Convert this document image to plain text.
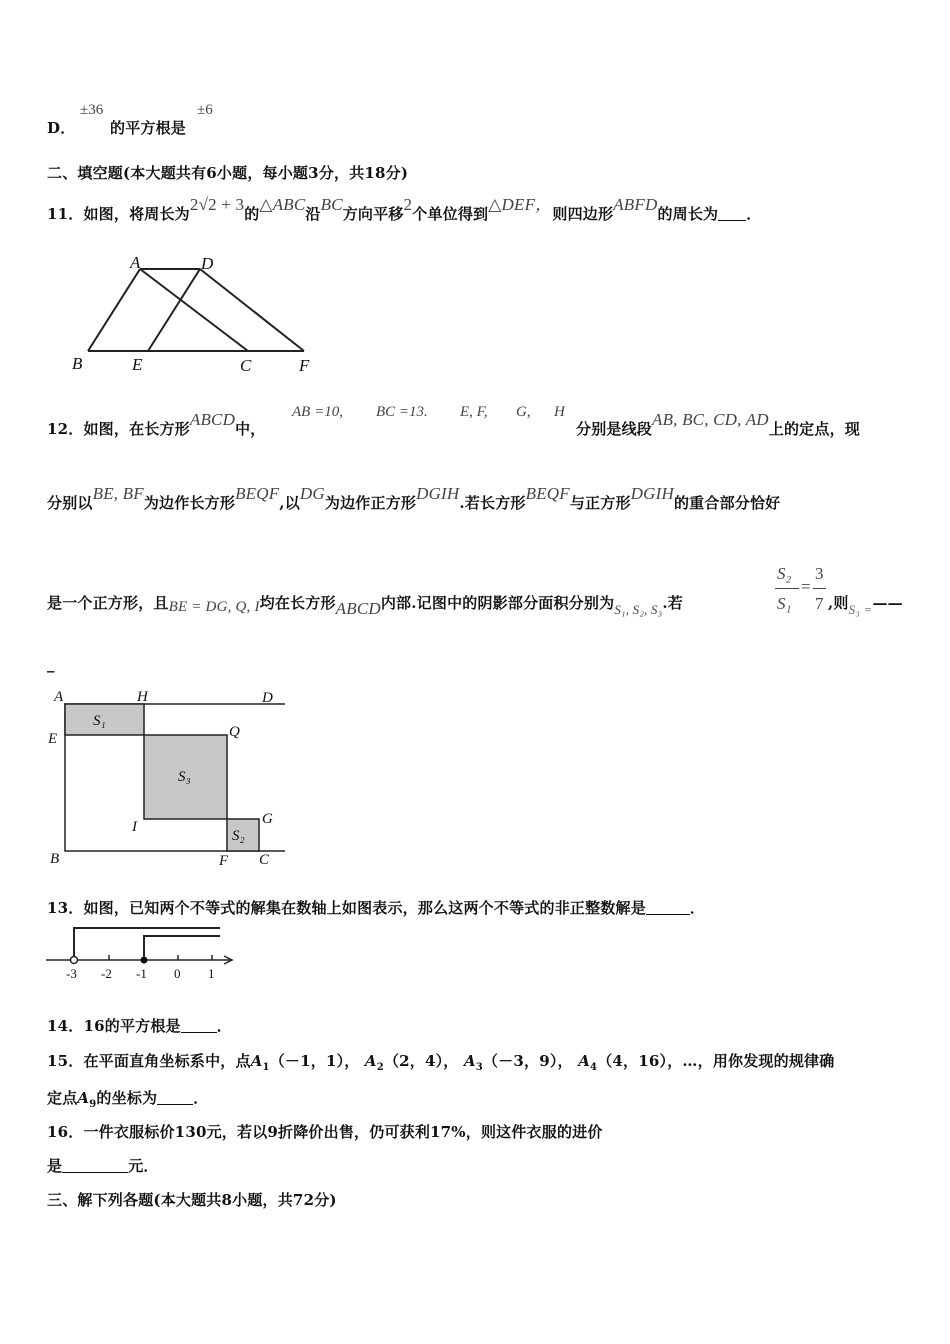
D．
±36
的平方根是
±6
二、填空题(本大题共有6小题，每小题3分，共18分)
11．如图，将周长为2√2 + 3的△ABC沿BC方向平移2个单位得到△DEF，则四边形ABFD的周长为 ．
A	D
B	E	C	F
12．如图，在长方形ABCD中，
AB =10, BC =13. E, F, G, H
分别是线段AB, BC, CD, AD上的定点，现
分别以BE, BF为边作长方形BEQF,以DG为边作正方形DGIH.若长方形BEQF与正方形DGIH的重合部分恰好
是一个正方形，且BE = DG, Q, I均在长方形ABCD内部.记图中的阴影部分面积分别为S₁, S₂, S₃.若
S₂
S₁
=
3
7 ,则S₃ =——
_
A	H	D
E	Q
I	G
B	F C
S₁
S₃
S₂
13．如图，已知两个不等式的解集在数轴上如图表示，那么这两个不等式的非正整数解是	．
-3 -2 -1 0 1
14．16的平方根是 ．
15．在平面直角坐标系中，点$A_1(-1$，1）， $A_2(2$，4）， $A_3(-3$，9）， $A_4(4$，16），…，用你发现的规律确
定点$A_9$的坐标为 ．
16．一件衣服标价130元，若以9折降价出售，仍可获利17%，则这件衣服的进价
是	元．
三、解下列各题(本大题共8小题，共72分)
